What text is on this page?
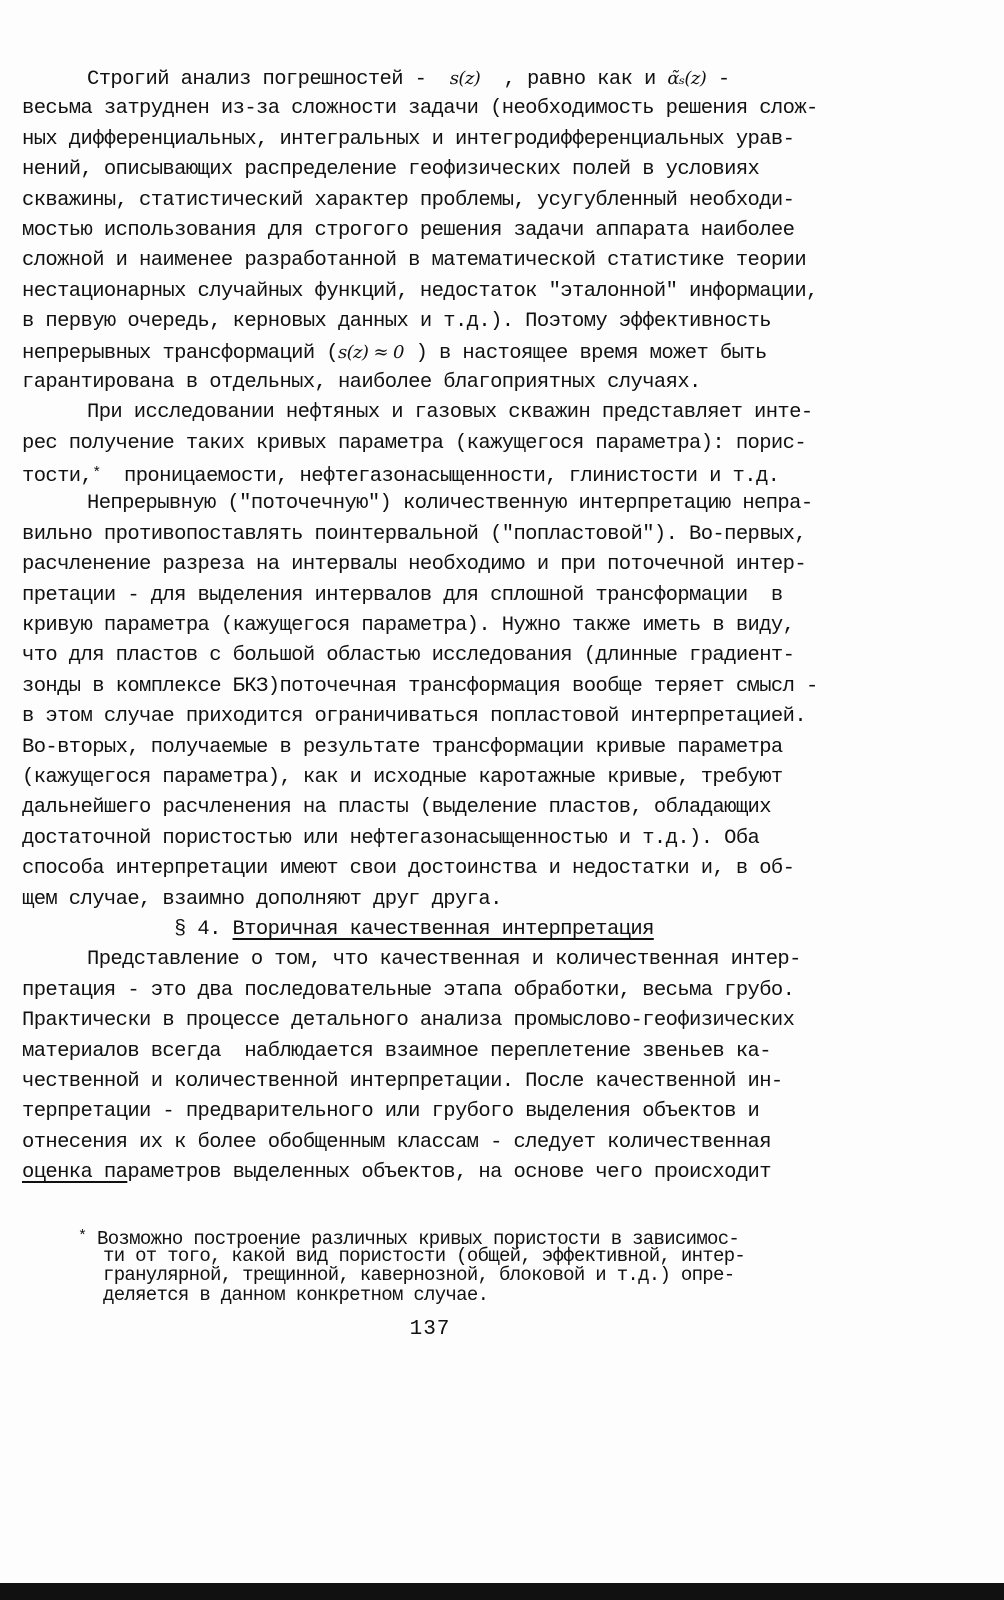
Строгий анализ погрешностей -  s(z)  , равно как и α̃ₛ(z) -
весьма затруднен из-за сложности задачи (необходимость решения слож-
ных дифференциальных, интегральных и интегродифференциальных урав-
нений, описывающих распределение геофизических полей в условиях
скважины, статистический характер проблемы, усугубленный необходи-
мостью использования для строгого решения задачи аппарата наиболее
сложной и наименее разработанной в математической статистике теории
нестационарных случайных функций, недостаток "эталонной" информации,
в первую очередь, керновых данных и т.д.). Поэтому эффективность
непрерывных трансформаций (s(z) ≈ 0 ) в настоящее время может быть
гарантирована в отдельных, наиболее благоприятных случаях.
При исследовании нефтяных и газовых скважин представляет инте-
рес получение таких кривых параметра (кажущегося параметра): порис-
тости,*  проницаемости, нефтегазонасыщенности, глинистости и т.д.
Непрерывную ("поточечную") количественную интерпретацию непра-
вильно противопоставлять поинтервальной ("попластовой"). Во-первых,
расчленение разреза на интервалы необходимо и при поточечной интер-
претации - для выделения интервалов для сплошной трансформации  в
кривую параметра (кажущегося параметра). Нужно также иметь в виду,
что для пластов с большой областью исследования (длинные градиент-
зонды в комплексе БКЗ)поточечная трансформация вообще теряет смысл -
в этом случае приходится ограничиваться попластовой интерпретацией.
Во-вторых, получаемые в результате трансформации кривые параметра
(кажущегося параметра), как и исходные каротажные кривые, требуют
дальнейшего расчленения на пласты (выделение пластов, обладающих
достаточной пористостью или нефтегазонасыщенностью и т.д.). Оба
способа интерпретации имеют свои достоинства и недостатки и, в об-
щем случае, взаимно дополняют друг друга.
§ 4. Вторичная качественная интерпретация
Представление о том, что качественная и количественная интер-
претация - это два последовательные этапа обработки, весьма грубо.
Практически в процессе детального анализа промыслово-геофизических
материалов всегда  наблюдается взаимное переплетение звеньев ка-
чественной и количественной интерпретации. После качественной ин-
терпретации - предварительного или грубого выделения объектов и
отнесения их к более обобщенным классам - следует количественная
оценка параметров выделенных объектов, на основе чего происходит
* Возможно построение различных кривых пористости в зависимос-
ти от того, какой вид пористости (общей, эффективной, интер-
гранулярной, трещинной, кавернозной, блоковой и т.д.) опре-
деляется в данном конкретном случае.
137
